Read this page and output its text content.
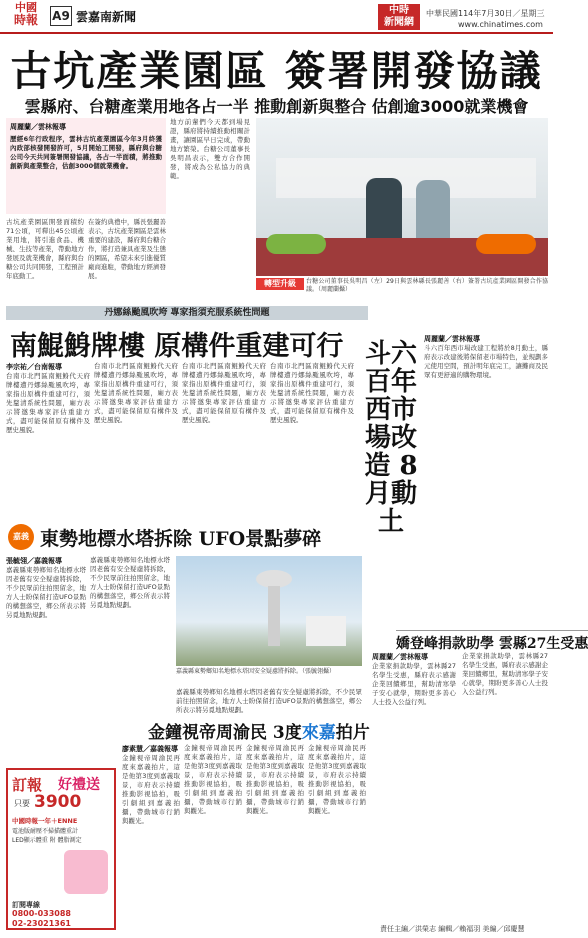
中國
時報	A9 雲嘉南新聞	中時
新聞網
中華民國114年7月30日／星期三
www.chinatimes.com
古坑產業園區 簽署開發協議
雲縣府、台糖產業用地各占一半 推動創新與整合 估創逾3000就業機會
周麗蘭／雲林報導
歷經6年行政程序，雲林古坑產業園區今年3月終獲內政部核發開發許可，5月開始工開發，縣府與台糖公司今天共同簽署開發協議，各占一半面積，將推動創新與產業整合，估創3000個就業機會。
古坑產業園區開發面積約71公頃，可釋出45公頃產業用地，將引進食品、機械、生技等產業，帶動地方發展及就業機會，縣府與台糖公司共同開發，工程預計年底動工。
在簽約典禮中，縣長張麗善表示，古坑產業園區是雲林重要的建設，縣府與台糖合作，將打造兼具產業及生態的園區，希望未來引進優質廠商進駐，帶動地方經濟發展。
地方前輩們今天都到場見證，縣府將持續推動相關計畫，讓園區早日完成，帶動地方繁榮。台糖公司董事長吳明昌表示，雙方合作開發，將成為公私協力的典範。
轉型升級	台糖公司董事長吳明昌（左）29日與雲林縣長張麗善（右）簽署古坑產業園區開發合作協議。（周麗蘭攝）
丹娜絲颱風吹垮 專家指須充服系統性問題
南鯤鯓牌樓 原構件重建可行
李宗祐／台南報導
台南市北門區南鯤鯓代天府牌樓遭丹娜絲颱風吹垮，專家指出原構件重建可行，須先釐清系統性問題，廟方表示將邀集專家評估重建方式，盡可能保留原有構件及歷史風貌。
台南市北門區南鯤鯓代天府牌樓遭丹娜絲颱風吹垮，專家指出原構件重建可行，須先釐清系統性問題，廟方表示將邀集專家評估重建方式，盡可能保留原有構件及歷史風貌。
台南市北門區南鯤鯓代天府牌樓遭丹娜絲颱風吹垮，專家指出原構件重建可行，須先釐清系統性問題，廟方表示將邀集專家評估重建方式，盡可能保留原有構件及歷史風貌。
台南市北門區南鯤鯓代天府牌樓遭丹娜絲颱風吹垮，專家指出原構件重建可行，須先釐清系統性問題，廟方表示將邀集專家評估重建方式，盡可能保留原有構件及歷史風貌。
嘉義 東勢地標水塔拆除 UFO景點夢碎
張毓翎／嘉義報導
嘉義縣東勢鄉知名地標水塔因老舊有安全疑慮將拆除，不少民眾前往拍照留念，地方人士盼保留打造UFO景點的構想落空，鄉公所表示將另覓地點規劃。
嘉義縣東勢鄉知名地標水塔因老舊有安全疑慮將拆除，不少民眾前往拍照留念，地方人士盼保留打造UFO景點的構想落空，鄉公所表示將另覓地點規劃。
嘉義縣東勢鄉知名地標水塔因安全疑慮將拆除。（張毓翎攝）
嘉義縣東勢鄉知名地標水塔因老舊有安全疑慮將拆除，不少民眾前往拍照留念，地方人士盼保留打造UFO景點的構想落空，鄉公所表示將另覓地點規劃。
斗六百年西市場改造 8月動土
周麗蘭／雲林報導
斗六百年西市場改建工程將於8月動土，縣府表示改建後將保留老市場特色，並規劃多元使用空間，預計明年底完工，讓攤商及民眾有更舒適的購物環境。
嬌登峰捐款助學 雲縣27生受惠
周麗蘭／雲林報導
企業家捐款助學，雲林縣27名學生受惠，縣府表示感謝企業回饋鄉里，幫助清寒學子安心就學，期盼更多善心人士投入公益行列。
企業家捐款助學，雲林縣27名學生受惠，縣府表示感謝企業回饋鄉里，幫助清寒學子安心就學，期盼更多善心人士投入公益行列。
金鐘視帝周渝民 3度來嘉拍片
廖素慧／嘉義報導
金鐘視帝周渝民再度來嘉義拍片，這是他第3度到嘉義取景，市府表示持續推動影視協拍，吸引劇組到嘉義拍攝，帶動城市行銷與觀光。
金鐘視帝周渝民再度來嘉義拍片，這是他第3度到嘉義取景，市府表示持續推動影視協拍，吸引劇組到嘉義拍攝，帶動城市行銷與觀光。
金鐘視帝周渝民再度來嘉義拍片，這是他第3度到嘉義取景，市府表示持續推動影視協拍，吸引劇組到嘉義拍攝，帶動城市行銷與觀光。
金鐘視帝周渝民再度來嘉義拍片，這是他第3度到嘉義取景，市府表示持續推動影視協拍，吸引劇組到嘉義拍攝，帶動城市行銷與觀光。
訂報 好禮送
只要 3900
中國時報一年＋ENNE
電池版耐壓不掃描體重計
LED顯示體重 附 體脂測定
訂閱專線
0800-033088
02-23021361
責任主編／洪榮志 編輯／賴福羽 美編／邱慶慧
